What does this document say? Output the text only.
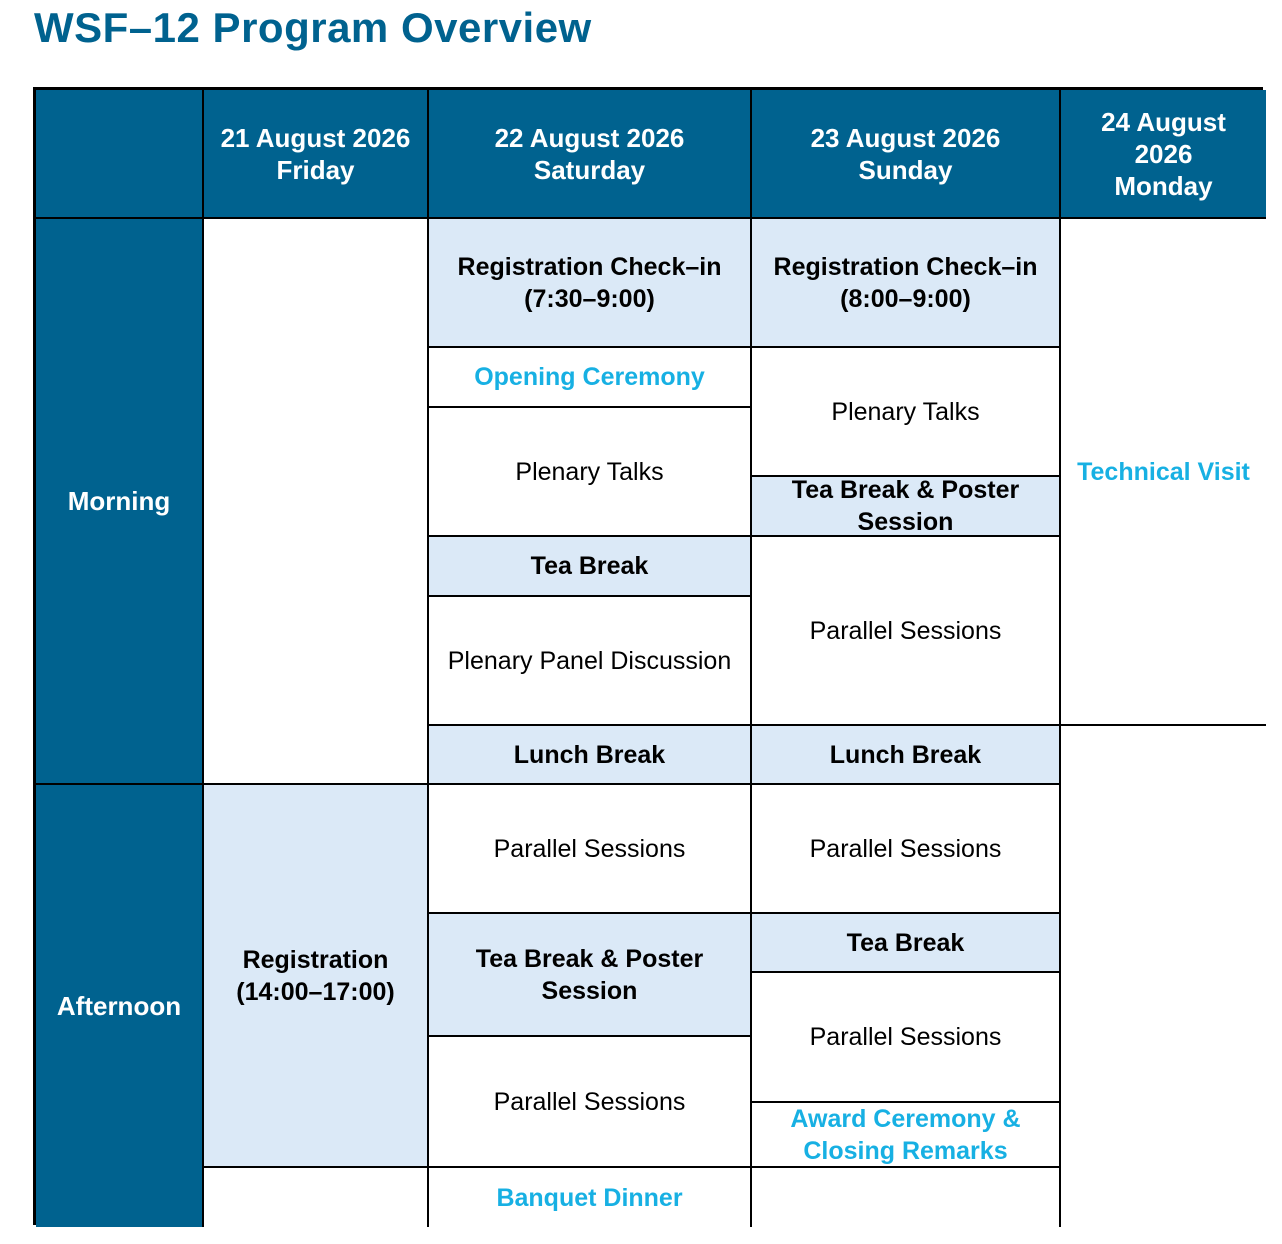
WSF–12 Program Overview
21 August 2026
Friday
22 August 2026
Saturday
23 August 2026
Sunday
24 August
2026
Monday
Morning
Afternoon
Registration
(14:00–17:00)
Registration Check–in
(7:30–9:00)
Opening Ceremony
Plenary Talks
Tea Break
Plenary Panel Discussion
Lunch Break
Parallel Sessions
Tea Break & Poster
Session
Parallel Sessions
Banquet Dinner
Registration Check–in
(8:00–9:00)
Plenary Talks
Tea Break & Poster
Session
Parallel Sessions
Lunch Break
Parallel Sessions
Tea Break
Parallel Sessions
Award Ceremony &
Closing Remarks
Technical Visit
